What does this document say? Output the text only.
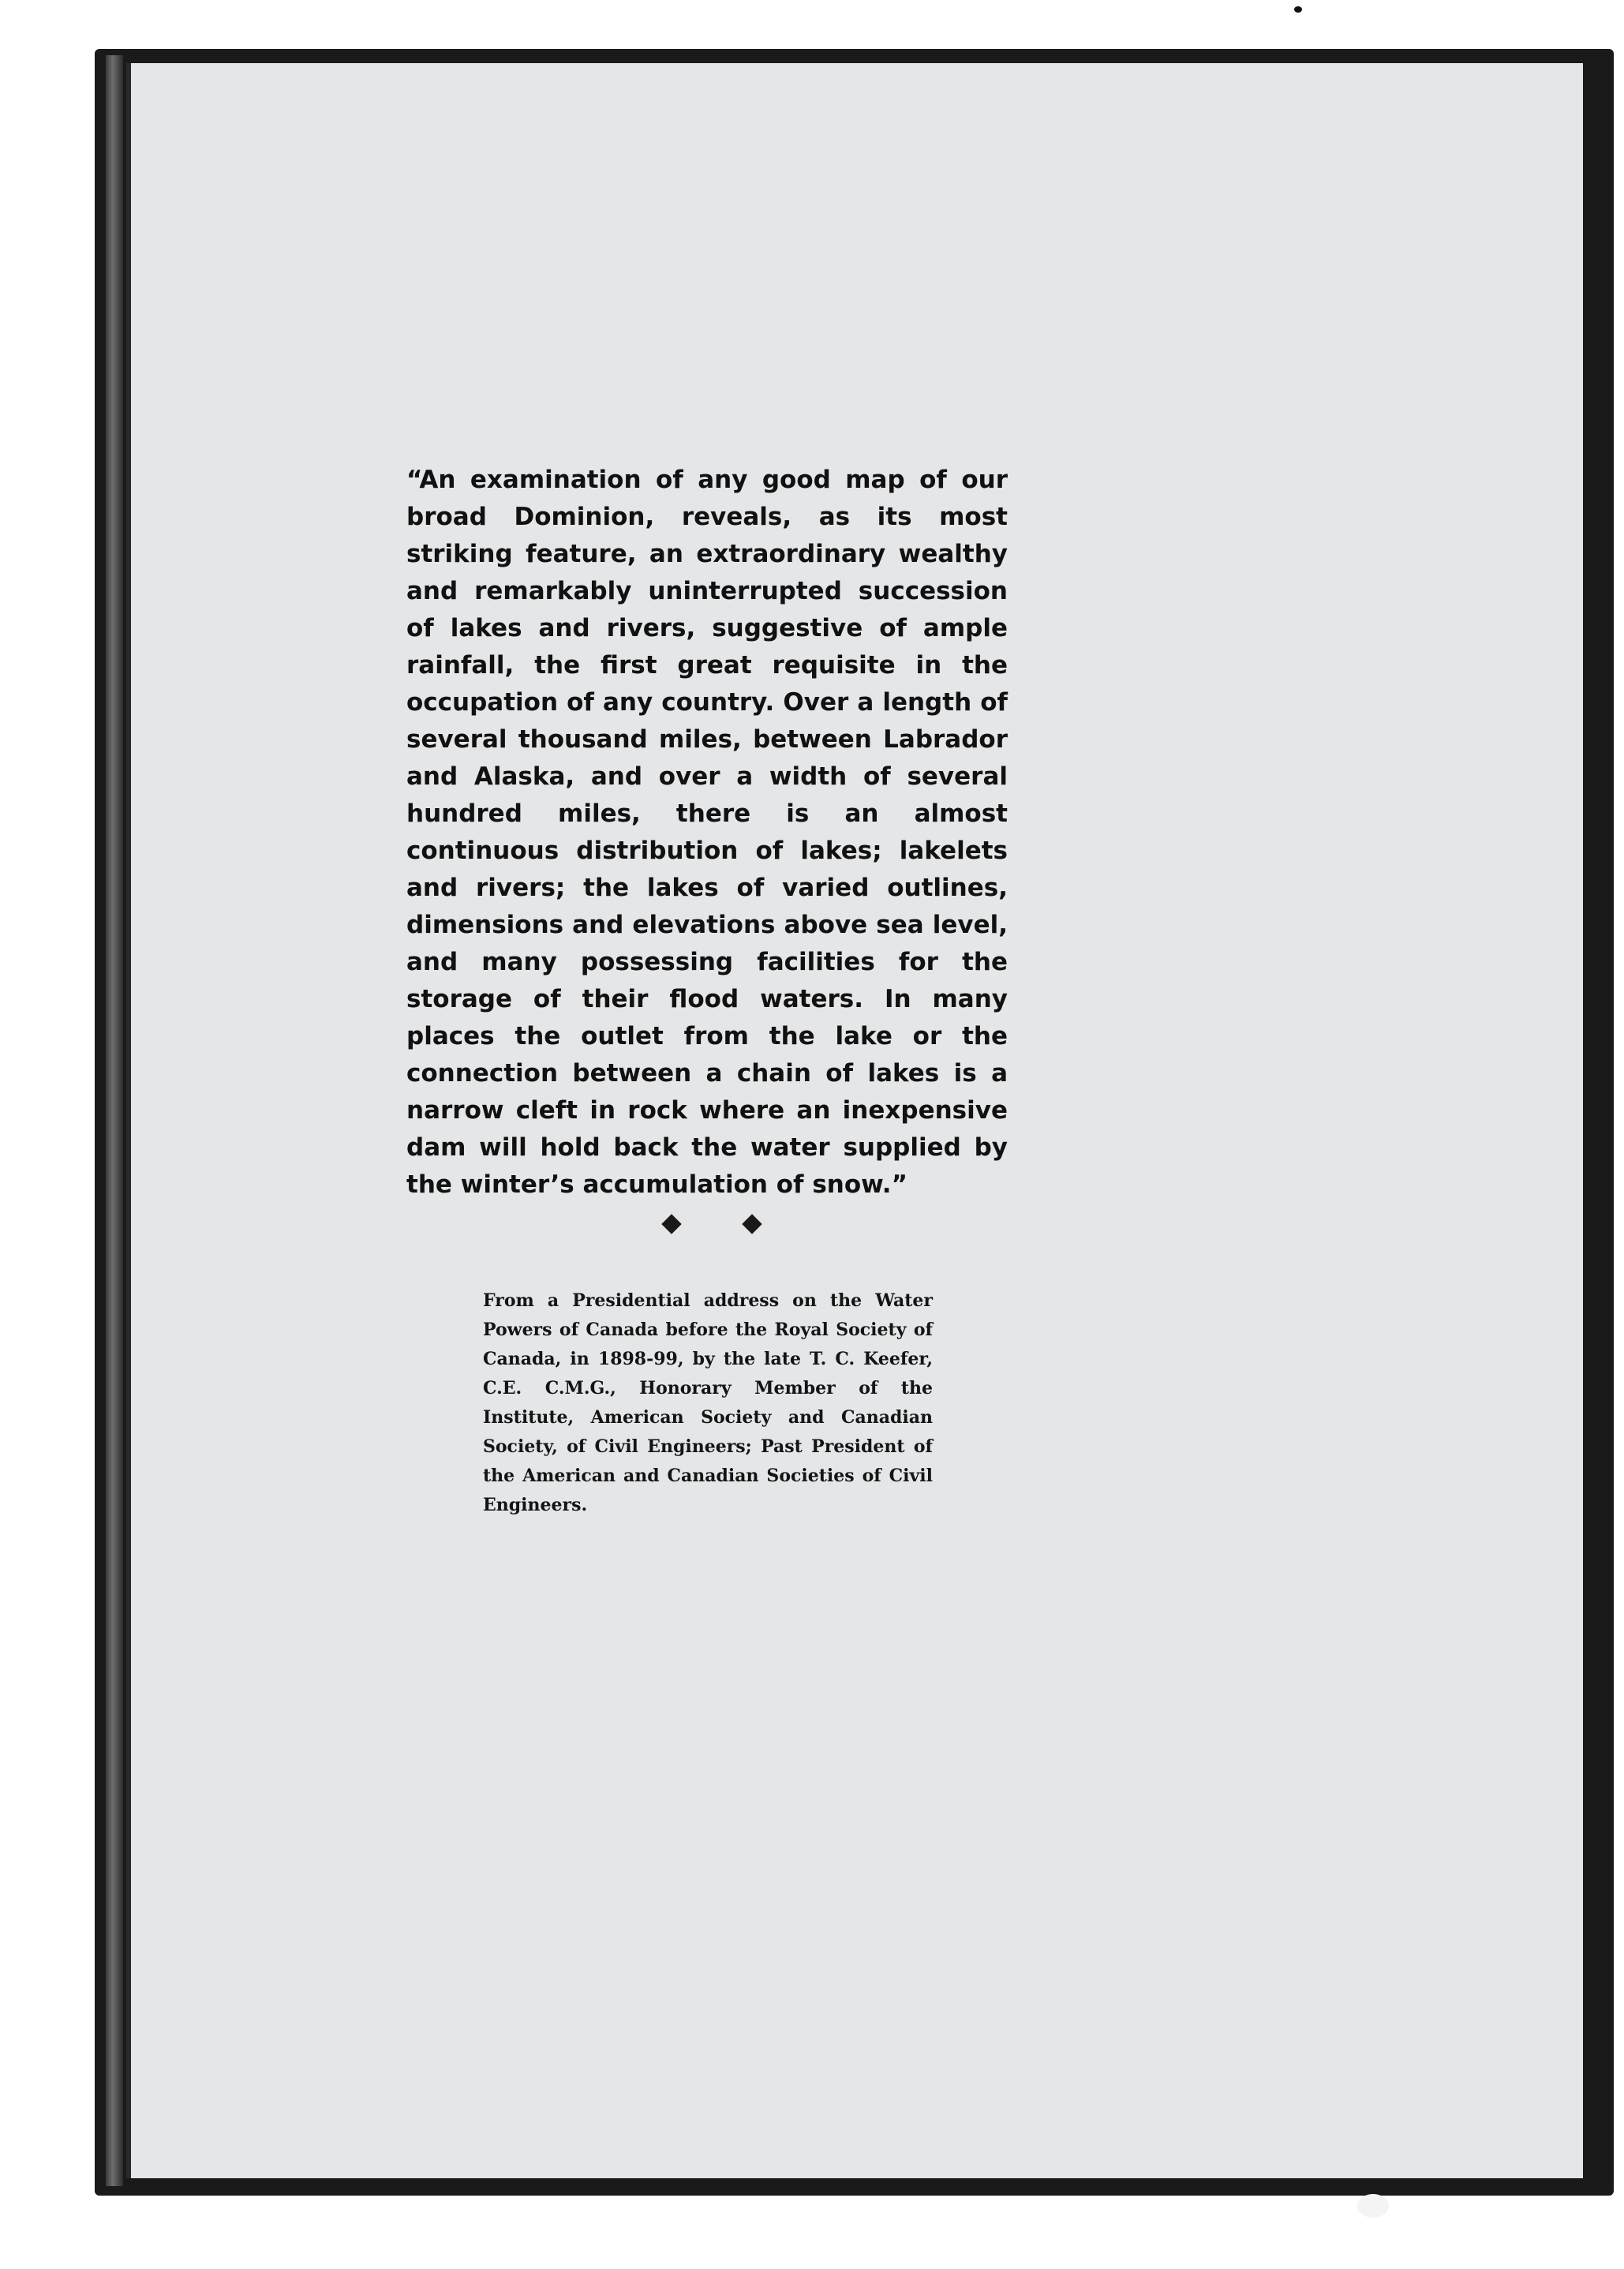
“An examination of any good map of our broad Dominion, reveals, as its most striking feature, an extraordinary wealthy and remarkably uninterrupted succession of lakes and rivers, suggestive of ample rainfall, the first great requisite in the occupation of any country. Over a length of several thousand miles, between Labrador and Alaska, and over a width of several hundred miles, there is an almost continuous distribution of lakes; lakelets and rivers; the lakes of varied outlines, dimensions and elevations above sea level, and many possessing facilities for the storage of their flood waters. In many places the outlet from the lake or the connection between a chain of lakes is a narrow cleft in rock where an inexpensive dam will hold back the water supplied by the winter’s accumulation of snow.”
From a Presidential address on the Water Powers of Canada before the Royal Society of Canada, in 1898-99, by the late T. C. Keefer, C.E. C.M.G., Honorary Member of the Institute, American Society and Canadian Society, of Civil Engineers; Past President of the American and Canadian Societies of Civil Engineers.
